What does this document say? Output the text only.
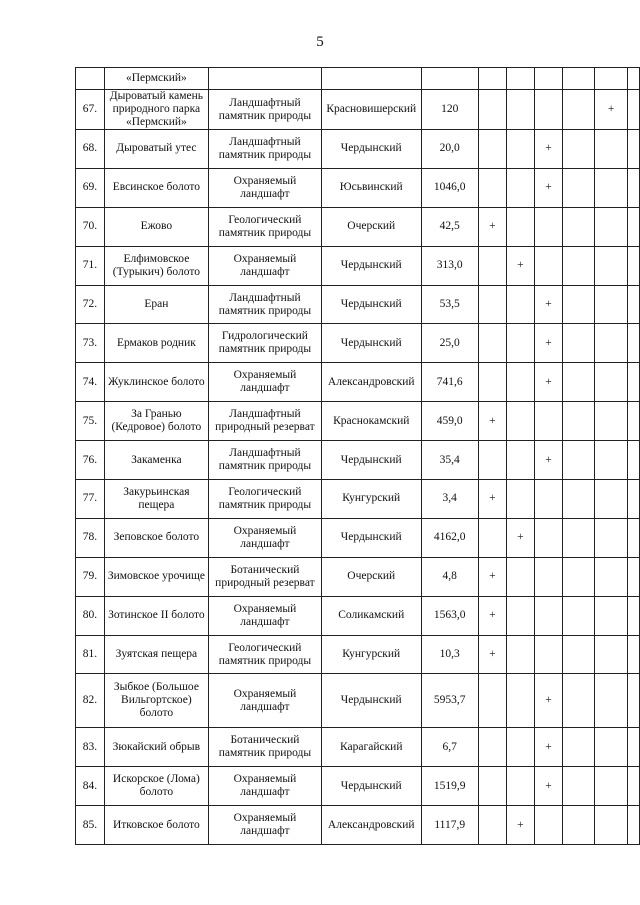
5
	«Пермский»									
67.	Дыроватый камень природного парка «Пермский»	Ландшафтный памятник природы	Красновишерский	120					+	
68.	Дыроватый утес	Ландшафтный памятник природы	Чердынский	20,0			+			
69.	Евсинское болото	Охраняемый ландшафт	Юсьвинский	1046,0			+			
70.	Ежово	Геологический памятник природы	Очерский	42,5	+					
71.	Елфимовское (Турыкич) болото	Охраняемый ландшафт	Чердынский	313,0		+				
72.	Еран	Ландшафтный памятник природы	Чердынский	53,5			+			
73.	Ермаков родник	Гидрологический памятник природы	Чердынский	25,0			+			
74.	Жуклинское болото	Охраняемый ландшафт	Александровский	741,6			+			
75.	За Гранью (Кедровое) болото	Ландшафтный природный резерват	Краснокамский	459,0	+					
76.	Закаменка	Ландшафтный памятник природы	Чердынский	35,4			+			
77.	Закурьинская пещера	Геологический памятник природы	Кунгурский	3,4	+					
78.	Зеповское болото	Охраняемый ландшафт	Чердынский	4162,0		+				
79.	Зимовское урочище	Ботанический природный резерват	Очерский	4,8	+					
80.	Зотинское II болото	Охраняемый ландшафт	Соликамский	1563,0	+					
81.	Зуятская пещера	Геологический памятник природы	Кунгурский	10,3	+					
82.	Зыбкое (Большое Вильгортское) болото	Охраняемый ландшафт	Чердынский	5953,7			+			
83.	Зюкайский обрыв	Ботанический памятник природы	Карагайский	6,7			+			
84.	Искорское (Лома) болото	Охраняемый ландшафт	Чердынский	1519,9			+			
85.	Итковское болото	Охраняемый ландшафт	Александровский	1117,9		+				
